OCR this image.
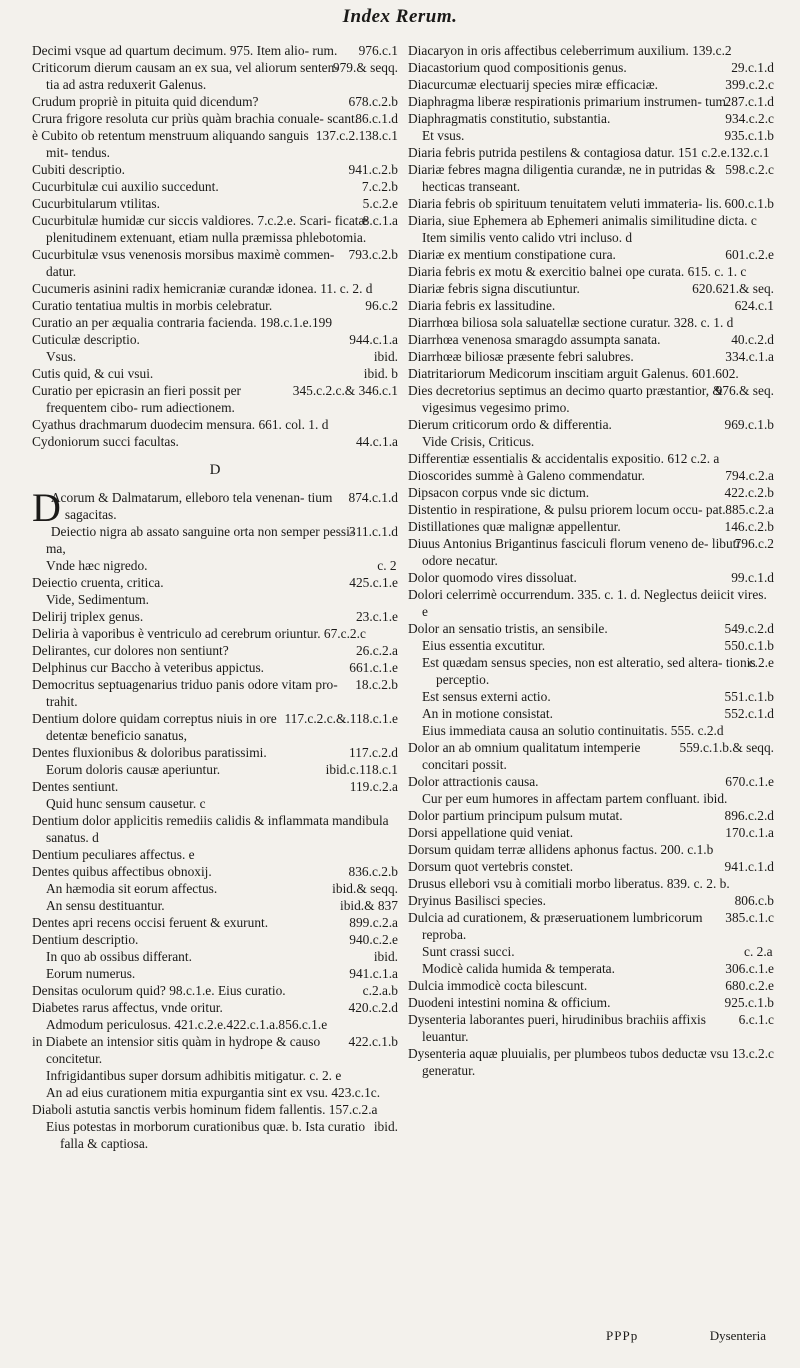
Index Rerum.

976.c.1
Decimi vsque ad quartum decimum. 975. Item alio- rum.

979.& seqq.
Criticorum dierum causam an ex sua, vel aliorum senten- tia ad astra reduxerit Galenus.

678.c.2.b
Crudum propriè in pituita quid dicendum?

86.c.1.d
Crura frigore resoluta cur priùs quàm brachia conuale- scant.

137.c.2.138.c.1
è Cubito ob retentum menstruum aliquando sanguis mit- tendus.

941.c.2.b
Cubiti descriptio.

7.c.2.b
Cucurbitulæ cui auxilio succedunt.

5.c.2.e
Cucurbitularum vtilitas.

8.c.1.a
Cucurbitulæ humidæ cur siccis valdiores. 7.c.2.e. Scari- ficatæ plenitudinem extenuant, etiam nulla præmissa phlebotomia.

793.c.2.b
Cucurbitulæ vsus venenosis morsibus maximè commen- datur.

Cucumeris asinini radix hemicraniæ curandæ idonea. 11. c. 2. d

96.c.2
Curatio tentatiua multis in morbis celebratur.

Curatio an per æqualia contraria facienda. 198.c.1.e.199

944.c.1.a
Cuticulæ descriptio.

ibid.
Vsus.

ibid. b
Cutis quid, & cui vsui.

345.c.2.c.& 346.c.1
Curatio per epicrasin an fieri possit per frequentem cibo- rum adiectionem.

Cyathus drachmarum duodecim mensura. 661. col. 1. d

44.c.1.a
Cydoniorum succi facultas.

D

874.c.1.d
D
Acorum & Dalmatarum, elleboro tela venenan- tium sagacitas.

311.c.1.d
Deiectio nigra ab assato sanguine orta non semper pessi- ma,

c. 2
Vnde hæc nigredo.

425.c.1.e
Deiectio cruenta, critica.

Vide, Sedimentum.

23.c.1.e
Delirij triplex genus.

Deliria à vaporibus è ventriculo ad cerebrum oriuntur. 67.c.2.c

26.c.2.a
Delirantes, cur dolores non sentiunt?

661.c.1.e
Delphinus cur Baccho à veteribus appictus.

18.c.2.b
Democritus septuagenarius triduo panis odore vitam pro- trahit.

117.c.2.c.&.118.c.1.e
Dentium dolore quidam correptus niuis in ore detentæ beneficio sanatus,

117.c.2.d
Dentes fluxionibus & doloribus paratissimi.

ibid.c.118.c.1
Eorum doloris causæ aperiuntur.

119.c.2.a
Dentes sentiunt.

Quid hunc sensum causetur. c

Dentium dolor applicitis remediis calidis & inflammata mandibula sanatus. d

Dentium peculiares affectus. e

836.c.2.b
Dentes quibus affectibus obnoxij.

ibid.& seqq.
An hæmodia sit eorum affectus.

ibid.& 837
An sensu destituantur.

899.c.2.a
Dentes apri recens occisi feruent & exurunt.

940.c.2.e
Dentium descriptio.

ibid.
In quo ab ossibus differant.

941.c.1.a
Eorum numerus.

c.2.a.b
Densitas oculorum quid? 98.c.1.e. Eius curatio.

420.c.2.d
Diabetes rarus affectus, vnde oritur.

Admodum periculosus. 421.c.2.e.422.c.1.a.856.c.1.e

422.c.1.b
in Diabete an intensior sitis quàm in hydrope & causo concitetur.

Infrigidantibus super dorsum adhibitis mitigatur. c. 2. e

An ad eius curationem mitia expurgantia sint ex vsu. 423.c.1c.

Diaboli astutia sanctis verbis hominum fidem fallentis. 157.c.2.a

ibid.
Eius potestas in morborum curationibus quæ. b. Ista curatio falla & captiosa.

Diacaryon in oris affectibus celeberrimum auxilium. 139.c.2

29.c.1.d
Diacastorium quod compositionis genus.

399.c.2.c
Diacurcumæ electuarij species miræ efficaciæ.

287.c.1.d
Diaphragma liberæ respirationis primarium instrumen- tum.

934.c.2.c
Diaphragmatis constitutio, substantia.

935.c.1.b
Et vsus.

Diaria febris putrida pestilens & contagiosa datur. 151 c.2.e.132.c.1

598.c.2.c
Diariæ febres magna diligentia curandæ, ne in putridas & hecticas transeant.

600.c.1.b
Diaria febris ob spirituum tenuitatem veluti immateria- lis.

Diaria, siue Ephemera ab Ephemeri animalis similitudine dicta. c

Item similis vento calido vtri incluso. d

601.c.2.e
Diariæ ex mentium constipatione cura.

Diaria febris ex motu & exercitio balnei ope curata. 615. c. 1. c

620.621.& seq.
Diariæ febris signa discutiuntur.

624.c.1
Diaria febris ex lassitudine.

Diarrhœa biliosa sola saluatellæ sectione curatur. 328. c. 1. d

40.c.2.d
Diarrhœa venenosa smaragdo assumpta sanata.

334.c.1.a
Diarrhœæ biliosæ præsente febri salubres.

Diatritariorum Medicorum inscitiam arguit Galenus. 601.602.

976.& seq.
Dies decretorius septimus an decimo quarto præstantior, & vigesimus vegesimo primo.

969.c.1.b
Dierum criticorum ordo & differentia.

Vide Crisis, Criticus.

Differentiæ essentialis & accidentalis expositio. 612 c.2. a

794.c.2.a
Dioscorides summè à Galeno commendatur.

422.c.2.b
Dipsacon corpus vnde sic dictum.

885.c.2.a
Distentio in respiratione, & pulsu priorem locum occu- pat.

146.c.2.b
Distillationes quæ malignæ appellentur.

796.c.2
Diuus Antonius Brigantinus fasciculi florum veneno de- libuti odore necatur.

99.c.1.d
Dolor quomodo vires dissoluat.

Dolori celerrimè occurrendum. 335. c. 1. d. Neglectus deiicit vires. e

549.c.2.d
Dolor an sensatio tristis, an sensibile.

550.c.1.b
Eius essentia excutitur.

c.2.e
Est quædam sensus species, non est alteratio, sed altera- tionis perceptio.

551.c.1.b
Est sensus externi actio.

552.c.1.d
An in motione consistat.

Eius immediata causa an solutio continuitatis. 555. c.2.d

559.c.1.b.& seqq.
Dolor an ab omnium qualitatum intemperie concitari possit.

670.c.1.e
Dolor attractionis causa.

Cur per eum humores in affectam partem confluant. ibid.

896.c.2.d
Dolor partium principum pulsum mutat.

170.c.1.a
Dorsi appellatione quid veniat.

Dorsum quidam terræ allidens aphonus factus. 200. c.1.b

941.c.1.d
Dorsum quot vertebris constet.

Drusus ellebori vsu à comitiali morbo liberatus. 839. c. 2. b.

806.c.b
Dryinus Basilisci species.

385.c.1.c
Dulcia ad curationem, & præseruationem lumbricorum reproba.

c. 2.a
Sunt crassi succi.

306.c.1.e
Modicè calida humida & temperata.

680.c.2.e
Dulcia immodicè cocta bilescunt.

925.c.1.b
Duodeni intestini nomina & officium.

6.c.1.c
Dysenteria laborantes pueri, hirudinibus brachiis affixis leuantur.

13.c.2.c
Dysenteria aquæ pluuialis, per plumbeos tubos deductæ vsu generatur.

PPPp	Dysenteria
